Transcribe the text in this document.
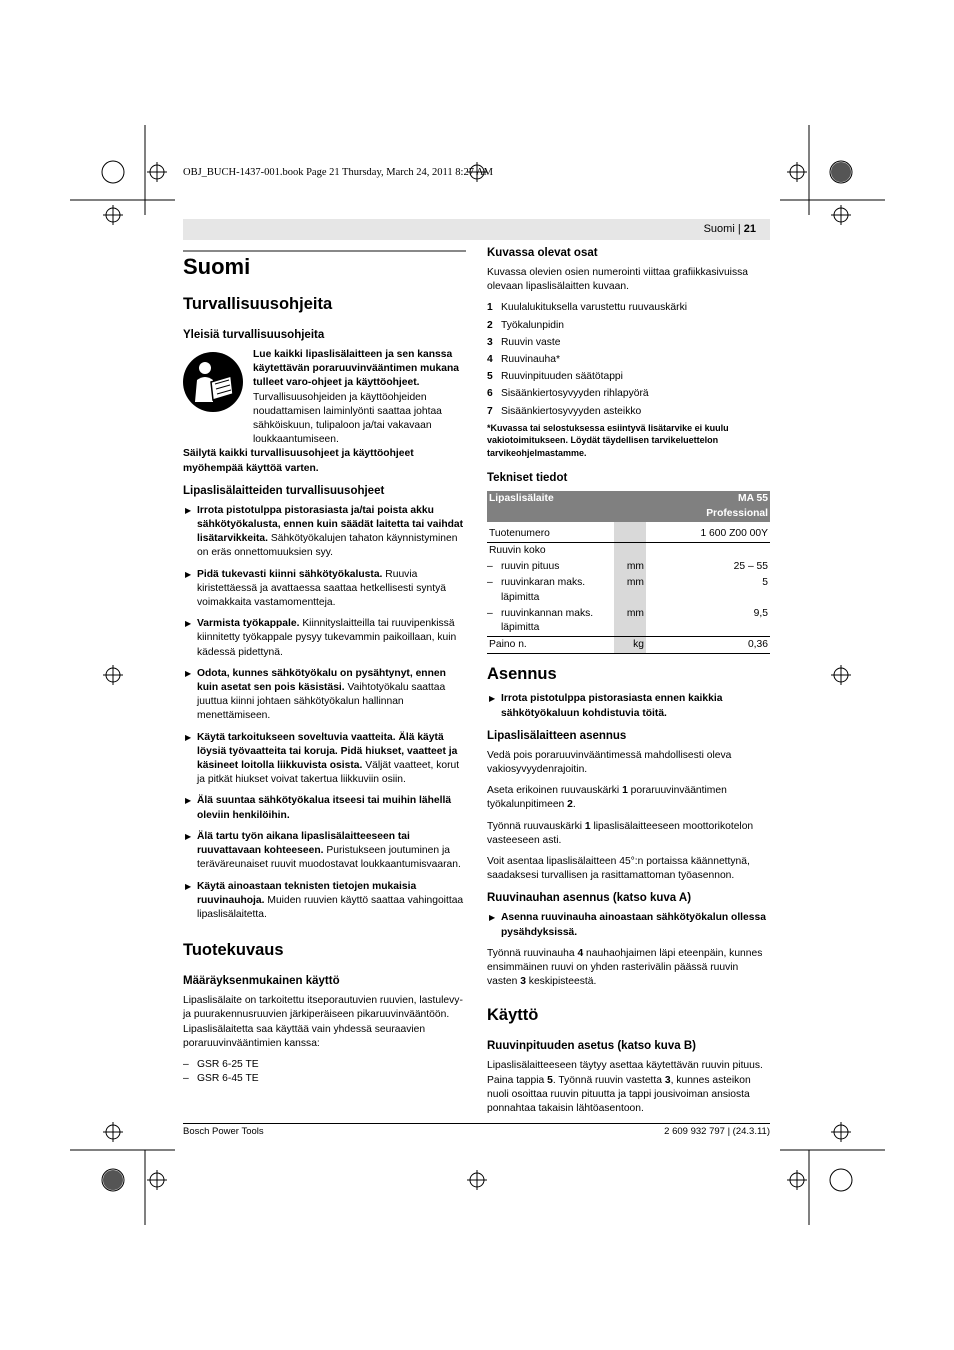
OBJ_BUCH-1437-001.book Page 21 Thursday, March 24, 2011 8:27 AM
Suomi | 21
Suomi
Turvallisuusohjeita
Yleisiä turvallisuusohjeita
Lue kaikki lipaslisälaitteen ja sen kanssa käytettävän poraruuvinvääntimen mukana tulleet varo-ohjeet ja käyttöohjeet. Turvallisuusohjeiden ja käyttöohjeiden noudattamisen laiminlyönti saattaa johtaa sähköiskuun, tulipaloon ja/tai vakavaan loukkaantumiseen.

Säilytä kaikki turvallisuusohjeet ja käyttöohjeet myöhempää käyttöä varten.

Lipaslisälaitteiden turvallisuusohjeet
▶ Irrota pistotulppa pistorasiasta ja/tai poista akku sähkötyökalusta, ennen kuin säädät laitetta tai vaihdat lisätarvikkeita. Sähkötyökalujen tahaton käynnistyminen on eräs onnettomuuksien syy.
▶ Pidä tukevasti kiinni sähkötyökalusta. Ruuvia kiristettäessä ja avattaessa saattaa hetkellisesti syntyä voimakkaita vastamomentteja.
▶ Varmista työkappale. Kiinnityslaitteilla tai ruuvipenkissä kiinnitetty työkappale pysyy tukevammin paikoillaan, kuin kädessä pidettynä.
▶ Odota, kunnes sähkötyökalu on pysähtynyt, ennen kuin asetat sen pois käsistäsi. Vaihtotyökalu saattaa juuttua kiinni johtaen sähkötyökalun hallinnan menettämiseen.
▶ Käytä tarkoitukseen soveltuvia vaatteita. Älä käytä löysiä työvaatteita tai koruja. Pidä hiukset, vaatteet ja käsineet loitolla liikkuvista osista. Väljät vaatteet, korut ja pitkät hiukset voivat takertua liikkuviin osiin.
▶ Älä suuntaa sähkötyökalua itseesi tai muihin lähellä oleviin henkilöihin.
▶ Älä tartu työn aikana lipaslisälaitteeseen tai ruuvattavaan kohteeseen. Puristukseen joutuminen ja teräväreunaiset ruuvit muodostavat loukkaantumisvaaran.
▶ Käytä ainoastaan teknisten tietojen mukaisia ruuvinauhoja. Muiden ruuvien käyttö saattaa vahingoittaa lipaslisälaitetta.
Tuotekuvaus
Määräyksenmukainen käyttö

Lipaslisälaite on tarkoitettu itseporautuvien ruuvien, lastulevy- ja puurakennusruuvien järkiperäiseen pikaruuvinvääntöön. Lipaslisälaitetta saa käyttää vain yhdessä seuraavien poraruuvinvääntimien kanssa:

– GSR 6-25 TE
– GSR 6-45 TE
Kuvassa olevat osat

Kuvassa olevien osien numerointi viittaa grafiikkasivuissa olevaan lipaslisälaitten kuvaan.

1 Kuulalukituksella varustettu ruuvauskärki
2 Työkalunpidin
3 Ruuvin vaste
4 Ruuvinauha*
5 Ruuvinpituuden säätötappi
6 Sisäänkiertosyvyyden rihlapyörä
7 Sisäänkiertosyvyyden asteikko

*Kuvassa tai selostuksessa esiintyvä lisätarvike ei kuulu vakiotoimitukseen. Löydät täydellisen tarvikeluettelon tarvikeohjelmastamme.

Tekniset tiedot
Lipaslisälaite		MA 55
Professional
Tuotenumero		1 600 Z00 00Y
Ruuvin koko		
– ruuvin pituus	mm	25 – 55
– ruuvinkaran maks. läpimitta	mm	5
– ruuvinkannan maks. läpimitta	mm	9,5
Paino n.	kg	0,36
Asennus
▶ Irrota pistotulppa pistorasiasta ennen kaikkia sähkötyökaluun kohdistuvia töitä.
Lipaslisälaitteen asennus

Vedä pois poraruuvinvääntimessä mahdollisesti oleva vakiosyvyydenrajoitin.

Aseta erikoinen ruuvauskärki 1 poraruuvinvääntimen työkalunpitimeen 2.

Työnnä ruuvauskärki 1 lipaslisälaitteeseen moottorikotelon vasteeseen asti.

Voit asentaa lipaslisälaitteen 45°:n portaissa käännettynä, saadaksesi turvallisen ja rasittamattoman työasennon.

Ruuvinauhan asennus (katso kuva A)
▶ Asenna ruuvinauha ainoastaan sähkötyökalun ollessa pysähdyksissä.

Työnnä ruuvinauha 4 nauhaohjaimen läpi eteenpäin, kunnes ensimmäinen ruuvi on yhden rasterivälin päässä ruuvin vasten 3 keskipisteestä.

Käyttö
Ruuvinpituuden asetus (katso kuva B)

Lipaslisälaitteeseen täytyy asettaa käytettävän ruuvin pituus. Paina tappia 5. Työnnä ruuvin vastetta 3, kunnes asteikon nuoli osoittaa ruuvin pituutta ja tappi jousivoiman ansiosta ponnahtaa takaisin lähtöasentoon.

Bosch Power Tools	2 609 932 797 | (24.3.11)
